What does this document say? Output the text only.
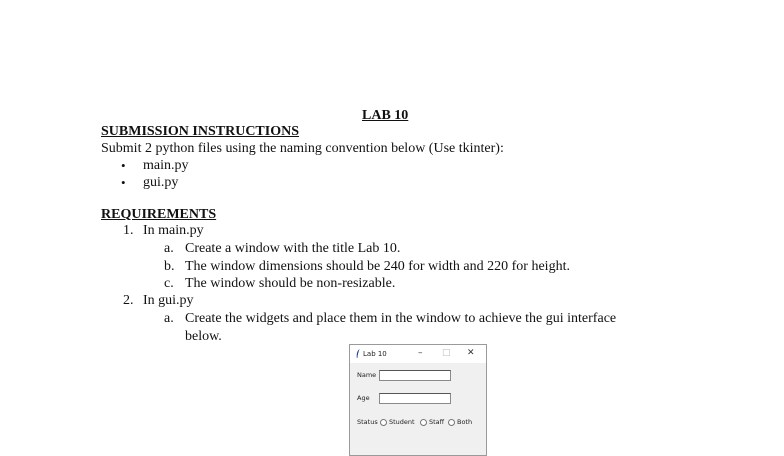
LAB 10
SUBMISSION INSTRUCTIONS
Submit 2 python files using the naming convention below (Use tkinter):
• main.py
• gui.py
REQUIREMENTS
1. In main.py
a. Create a window with the title Lab 10.
b. The window dimensions should be 240 for width and 220 for height.
c. The window should be non-resizable.
2. In gui.py
a. Create the widgets and place them in the window to achieve the gui interface
below.
Lab 10	– □ ✕
Name
Age
Status Student Staff Both
